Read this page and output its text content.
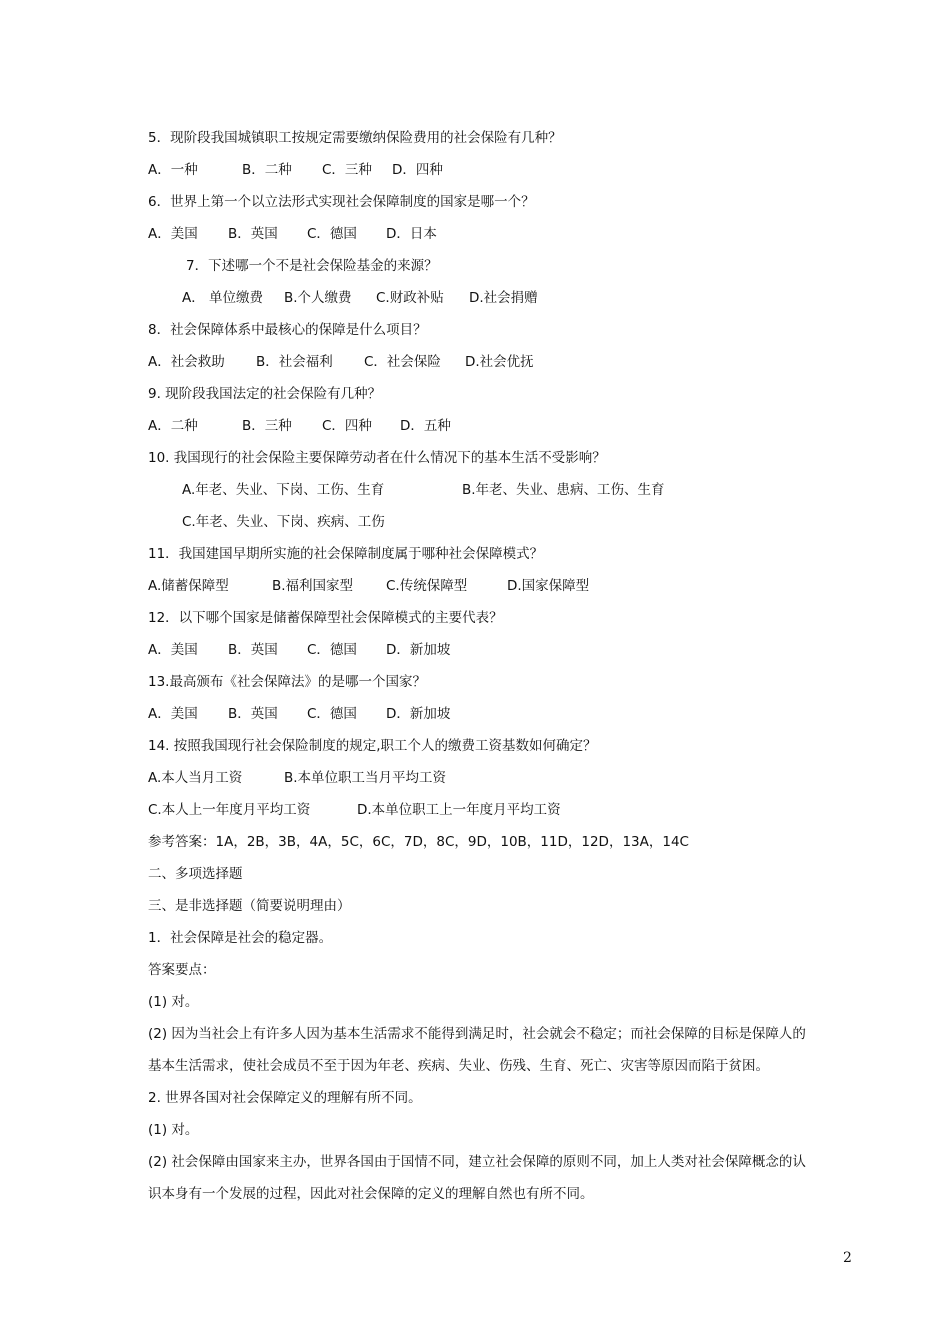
5．现阶段我国城镇职工按规定需要缴纳保险费用的社会保险有几种？
A．一种	B．二种 C．三种 D．四种
6．世界上第一个以立法形式实现社会保障制度的国家是哪一个？
A．美国 B．英国 C．德国 D．日本
7．下述哪一个不是社会保险基金的来源？
A． 单位缴费 B.个人缴费 C.财政补贴 D.社会捐赠
8．社会保障体系中最核心的保障是什么项目？
A．社会救助 B．社会福利 C．社会保险 D.社会优抚
9. 现阶段我国法定的社会保险有几种？
A．二种	B．三种 C．四种 D．五种
10. 我国现行的社会保险主要保障劳动者在什么情况下的基本生活不受影响？
A.年老、失业、下岗、工伤、生育	B.年老、失业、患病、工伤、生育
C.年老、失业、下岗、疾病、工伤
11．我国建国早期所实施的社会保障制度属于哪种社会保障模式？
A.储蓄保障型	B.福利国家型 C.传统保障型	D.国家保障型
12．以下哪个国家是储蓄保障型社会保障模式的主要代表？
A．美国 B．英国 C．德国 D．新加坡
13.最高颁布《社会保障法》的是哪一个国家？
A．美国 B．英国 C．德国 D．新加坡
14. 按照我国现行社会保险制度的规定,职工个人的缴费工资基数如何确定？
A.本人当月工资	B.本单位职工当月平均工资
C.本人上一年度月平均工资	D.本单位职工上一年度月平均工资
参考答案：1A，2B，3B，4A，5C，6C，7D，8C，9D，10B，11D，12D，13A，14C
二、多项选择题
三、是非选择题（简要说明理由）
1．社会保障是社会的稳定器。
答案要点：
(1) 对。
(2) 因为当社会上有许多人因为基本生活需求不能得到满足时，社会就会不稳定；而社会保障的目标是保障人的
基本生活需求，使社会成员不至于因为年老、疾病、失业、伤残、生育、死亡、灾害等原因而陷于贫困。
2. 世界各国对社会保障定义的理解有所不同。
(1) 对。
(2) 社会保障由国家来主办，世界各国由于国情不同，建立社会保障的原则不同，加上人类对社会保障概念的认
识本身有一个发展的过程，因此对社会保障的定义的理解自然也有所不同。
2
